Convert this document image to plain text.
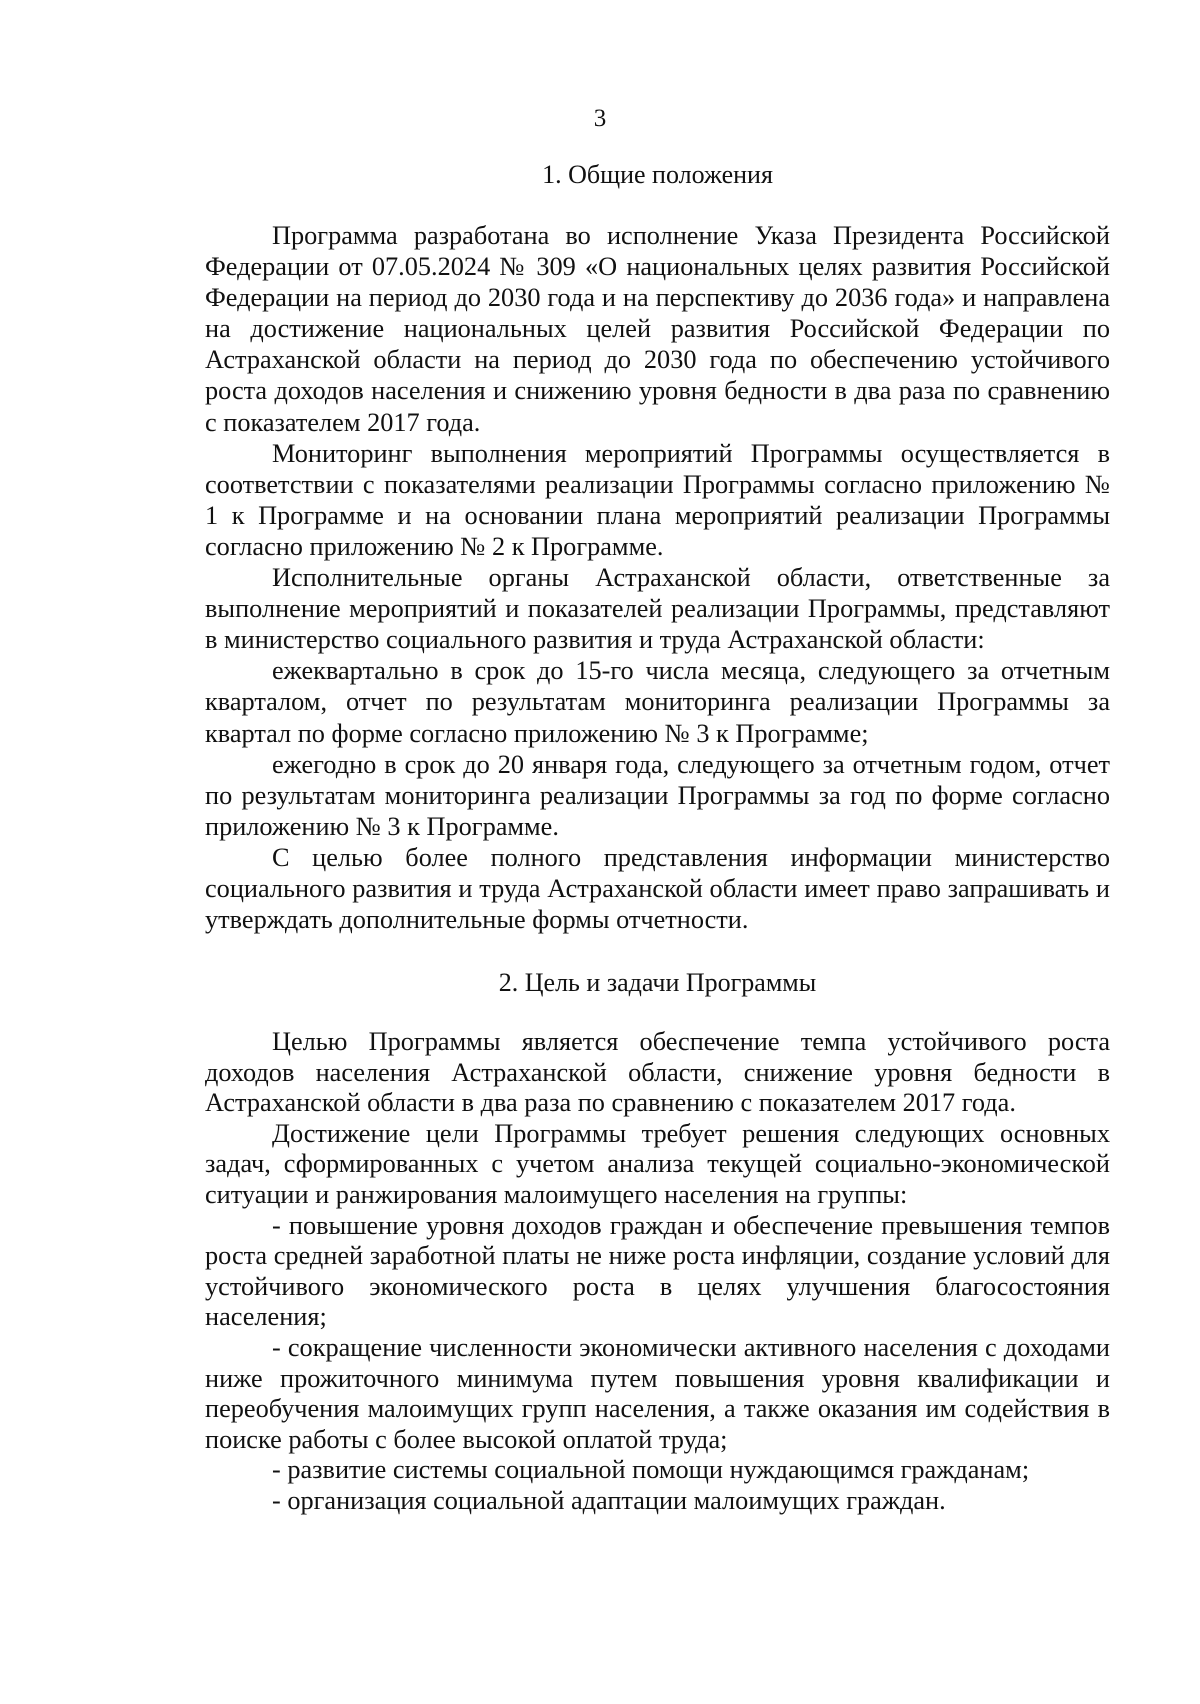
3

1. Общие положения

Программа разработана во исполнение Указа Президента Российской Федерации от 07.05.2024 № 309 «О национальных целях развития Российской Федерации на период до 2030 года и на перспективу до 2036 года» и направлена на достижение национальных целей развития Российской Федерации по Астраханской области на период до 2030 года по обеспечению устойчивого роста доходов населения и снижению уровня бедности в два раза по сравнению с показателем 2017 года.

Мониторинг выполнения мероприятий Программы осуществляется в соответствии с показателями реализации Программы согласно приложению № 1 к Программе и на основании плана мероприятий реализации Программы согласно приложению № 2 к Программе.

Исполнительные органы Астраханской области, ответственные за выполнение мероприятий и показателей реализации Программы, представляют в министерство социального развития и труда Астраханской области:

ежеквартально в срок до 15-го числа месяца, следующего за отчетным кварталом, отчет по результатам мониторинга реализации Программы за квартал по форме согласно приложению № 3 к Программе;

ежегодно в срок до 20 января года, следующего за отчетным годом, отчет по результатам мониторинга реализации Программы за год по форме согласно приложению № 3 к Программе.

С целью более полного представления информации министерство социального развития и труда Астраханской области имеет право запрашивать и утверждать дополнительные формы отчетности.

2. Цель и задачи Программы

Целью Программы является обеспечение темпа устойчивого роста доходов населения Астраханской области, снижение уровня бедности в Астраханской области в два раза по сравнению с показателем 2017 года.

Достижение цели Программы требует решения следующих основных задач, сформированных с учетом анализа текущей социально-экономической ситуации и ранжирования малоимущего населения на группы:

- повышение уровня доходов граждан и обеспечение превышения темпов роста средней заработной платы не ниже роста инфляции, создание условий для устойчивого экономического роста в целях улучшения благосостояния населения;

- сокращение численности экономически активного населения с доходами ниже прожиточного минимума путем повышения уровня квалификации и переобучения малоимущих групп населения, а также оказания им содействия в поиске работы с более высокой оплатой труда;

- развитие системы социальной помощи нуждающимся гражданам;

- организация социальной адаптации малоимущих граждан.
